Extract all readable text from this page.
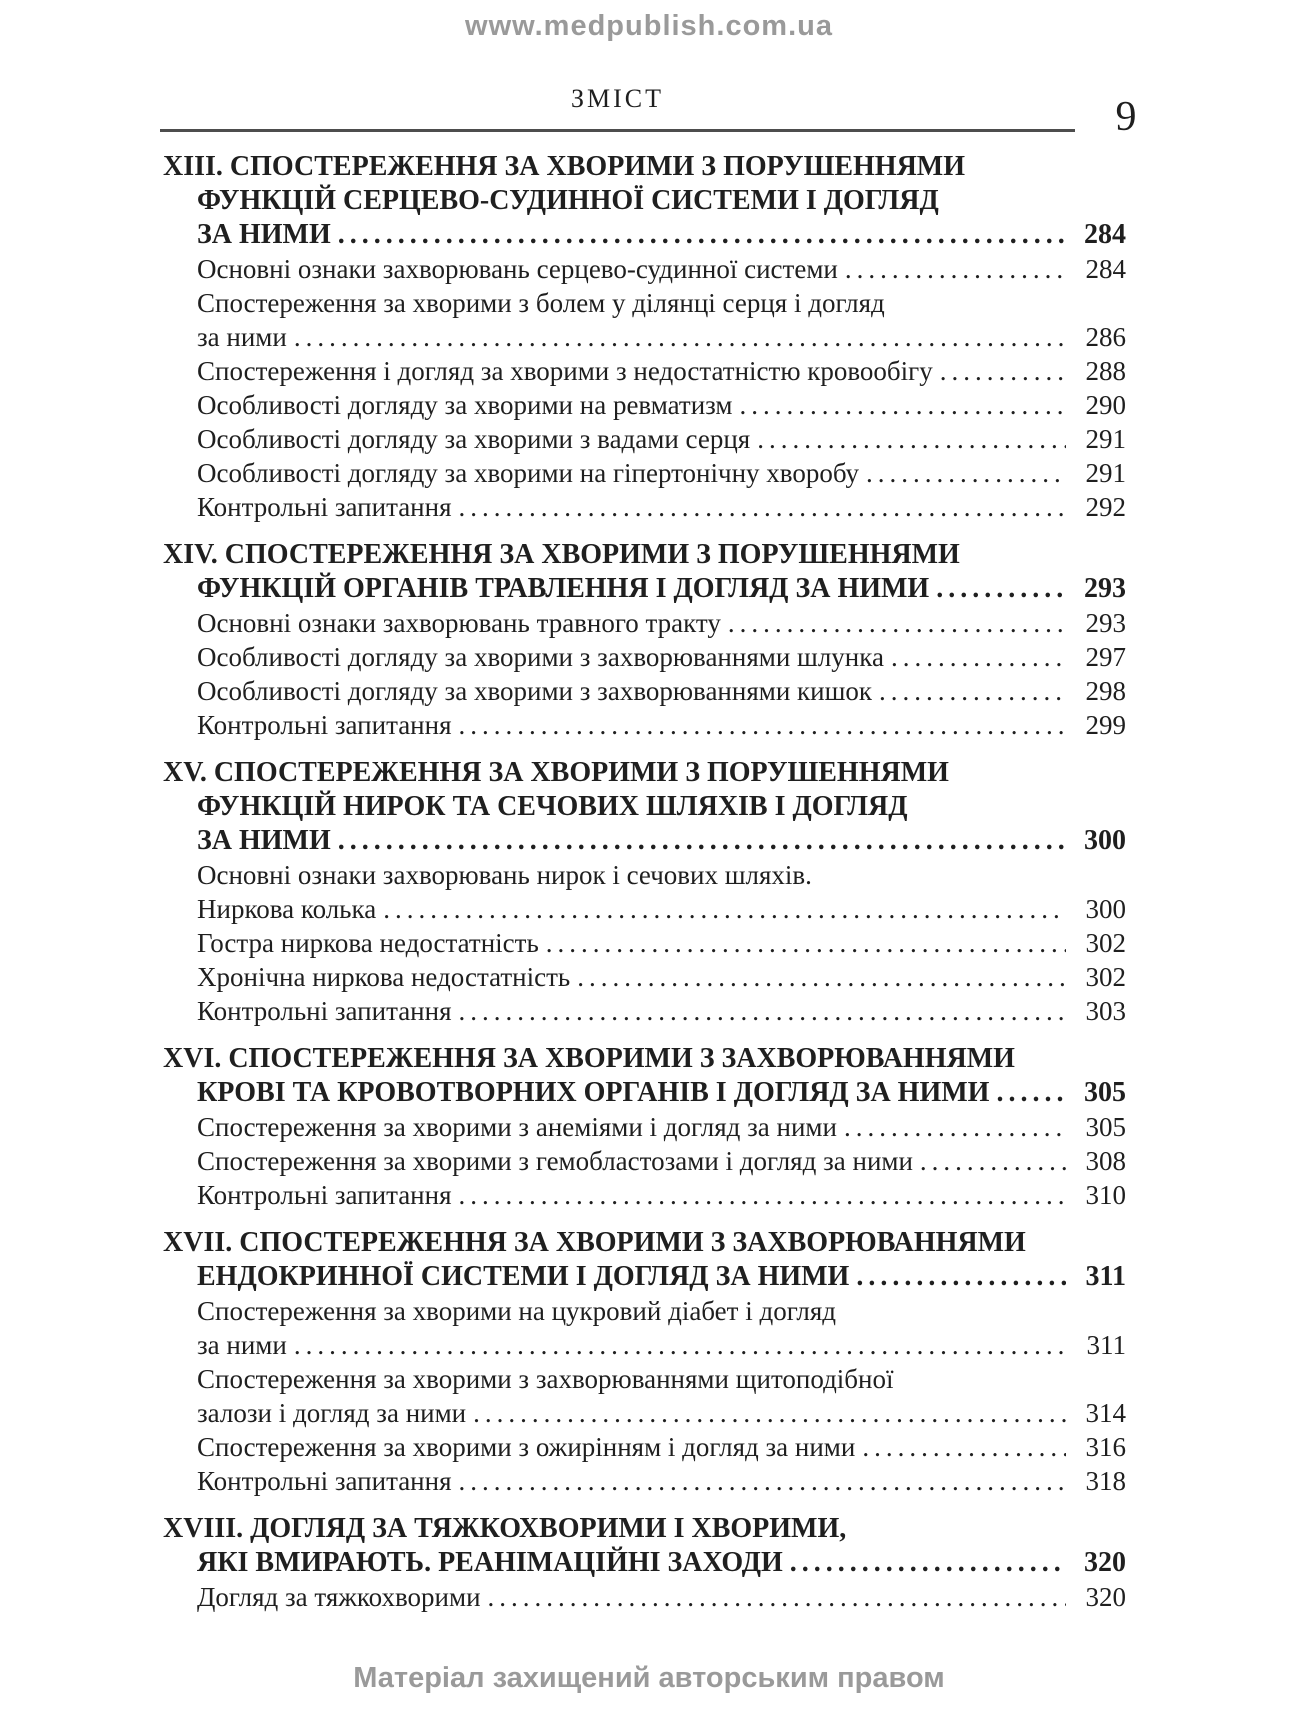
www.medpublish.com.ua
ЗМІСТ	9
XIII. СПОСТЕРЕЖЕННЯ ЗА ХВОРИМИ З ПОРУШЕННЯМИ
ФУНКЦІЙ СЕРЦЕВО-СУДИННОЇ СИСТЕМИ І ДОГЛЯД
ЗА НИМИ .....	284
Основні ознаки захворювань серцево-судинної системи .....	284
Спостереження за хворими з болем у ділянці серця і догляд
за ними .....	286
Спостереження і догляд за хворими з недостатністю кровообігу .....	288
Особливості догляду за хворими на ревматизм .....	290
Особливості догляду за хворими з вадами серця .....	291
Особливості догляду за хворими на гіпертонічну хворобу .....	291
Контрольні запитання .....	292
XIV. СПОСТЕРЕЖЕННЯ ЗА ХВОРИМИ З ПОРУШЕННЯМИ
ФУНКЦІЙ ОРГАНІВ ТРАВЛЕННЯ І ДОГЛЯД ЗА НИМИ .....	293
Основні ознаки захворювань травного тракту .....	293
Особливості догляду за хворими з захворюваннями шлунка .....	297
Особливості догляду за хворими з захворюваннями кишок .....	298
Контрольні запитання .....	299
XV. СПОСТЕРЕЖЕННЯ ЗА ХВОРИМИ З ПОРУШЕННЯМИ
ФУНКЦІЙ НИРОК ТА СЕЧОВИХ ШЛЯХІВ І ДОГЛЯД
ЗА НИМИ .....	300
Основні ознаки захворювань нирок і сечових шляхів.
Ниркова колька .....	300
Гостра ниркова недостатність .....	302
Хронічна ниркова недостатність .....	302
Контрольні запитання .....	303
XVI. СПОСТЕРЕЖЕННЯ ЗА ХВОРИМИ З ЗАХВОРЮВАННЯМИ
КРОВІ ТА КРОВОТВОРНИХ ОРГАНІВ І ДОГЛЯД ЗА НИМИ .....	305
Спостереження за хворими з анеміями і догляд за ними .....	305
Спостереження за хворими з гемобластозами і догляд за ними .....	308
Контрольні запитання .....	310
XVII. СПОСТЕРЕЖЕННЯ ЗА ХВОРИМИ З ЗАХВОРЮВАННЯМИ
ЕНДОКРИННОЇ СИСТЕМИ І ДОГЛЯД ЗА НИМИ .....	311
Спостереження за хворими на цукровий діабет і догляд
за ними .....	311
Спостереження за хворими з захворюваннями щитоподібної
залози і догляд за ними .....	314
Спостереження за хворими з ожирінням і догляд за ними .....	316
Контрольні запитання .....	318
XVIII. ДОГЛЯД ЗА ТЯЖКОХВОРИМИ І ХВОРИМИ,
ЯКІ ВМИРАЮТЬ. РЕАНІМАЦІЙНІ ЗАХОДИ .....	320
Догляд за тяжкохворими .....	320
Матеріал захищений авторським правом
